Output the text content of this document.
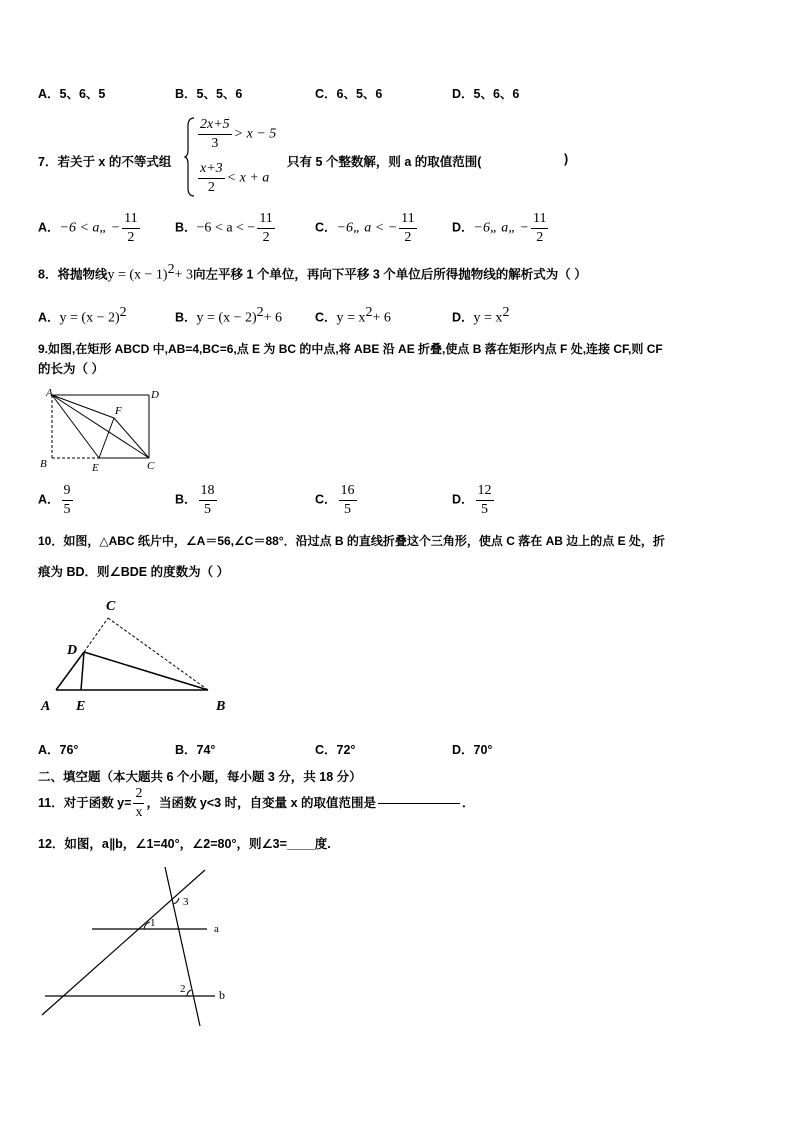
A．5、6、5	B．5、5、6	C．6、5、6	D．5、6、6
7．若关于 x 的不等式组
$\frac{2x+5}{3} > x - 5$
$\frac{x+3}{2} < x + a$
只有 5 个整数解，则 a 的取值范围(	)
A．−6 < a„ − $\frac{11}{2}$	B．−6 < a < − $\frac{11}{2}$	C．−6„ a < − $\frac{11}{2}$	D．−6„ a„ − $\frac{11}{2}$
8．将抛物线$y = (x - 1)^2+ 3$向左平移 1 个单位，再向下平移 3 个单位后所得抛物线的解析式为（ ）
A．$y = (x - 2)^2$	B．$y = (x - 2)^2+ 6$	C．$y = x^2+ 6$	D．$y = x^2$
9.如图,在矩形 ABCD 中,AB=4,BC=6,点 E 为 BC 的中点,将 ABE 沿 AE 折叠,使点 B 落在矩形内点 F 处,连接 CF,则 CF
的长为（ ）
A	D
B	C
E
F
A． $\frac{9}{5}$	B． $\frac{18}{5}$	C． $\frac{16}{5}$	D． $\frac{12}{5}$
10．如图，△ABC 纸片中，∠A＝56,∠C＝88°．沿过点 B 的直线折叠这个三角形，使点 C 落在 AB 边上的点 E 处，折
痕为 BD．则∠BDE 的度数为（ ）
C
D
A E	B
A．76°	B．74°	C．72°	D．70°
二、填空题（本大题共 6 个小题，每小题 3 分，共 18 分）
11．对于函数 $y= \frac{2}{x}$ ，当函数 y<3 时，自变量 x 的取值范围是	．
12．如图，a∥b，∠1=40°，∠2=80°，则∠3=____度.
1
3
2
a
b
